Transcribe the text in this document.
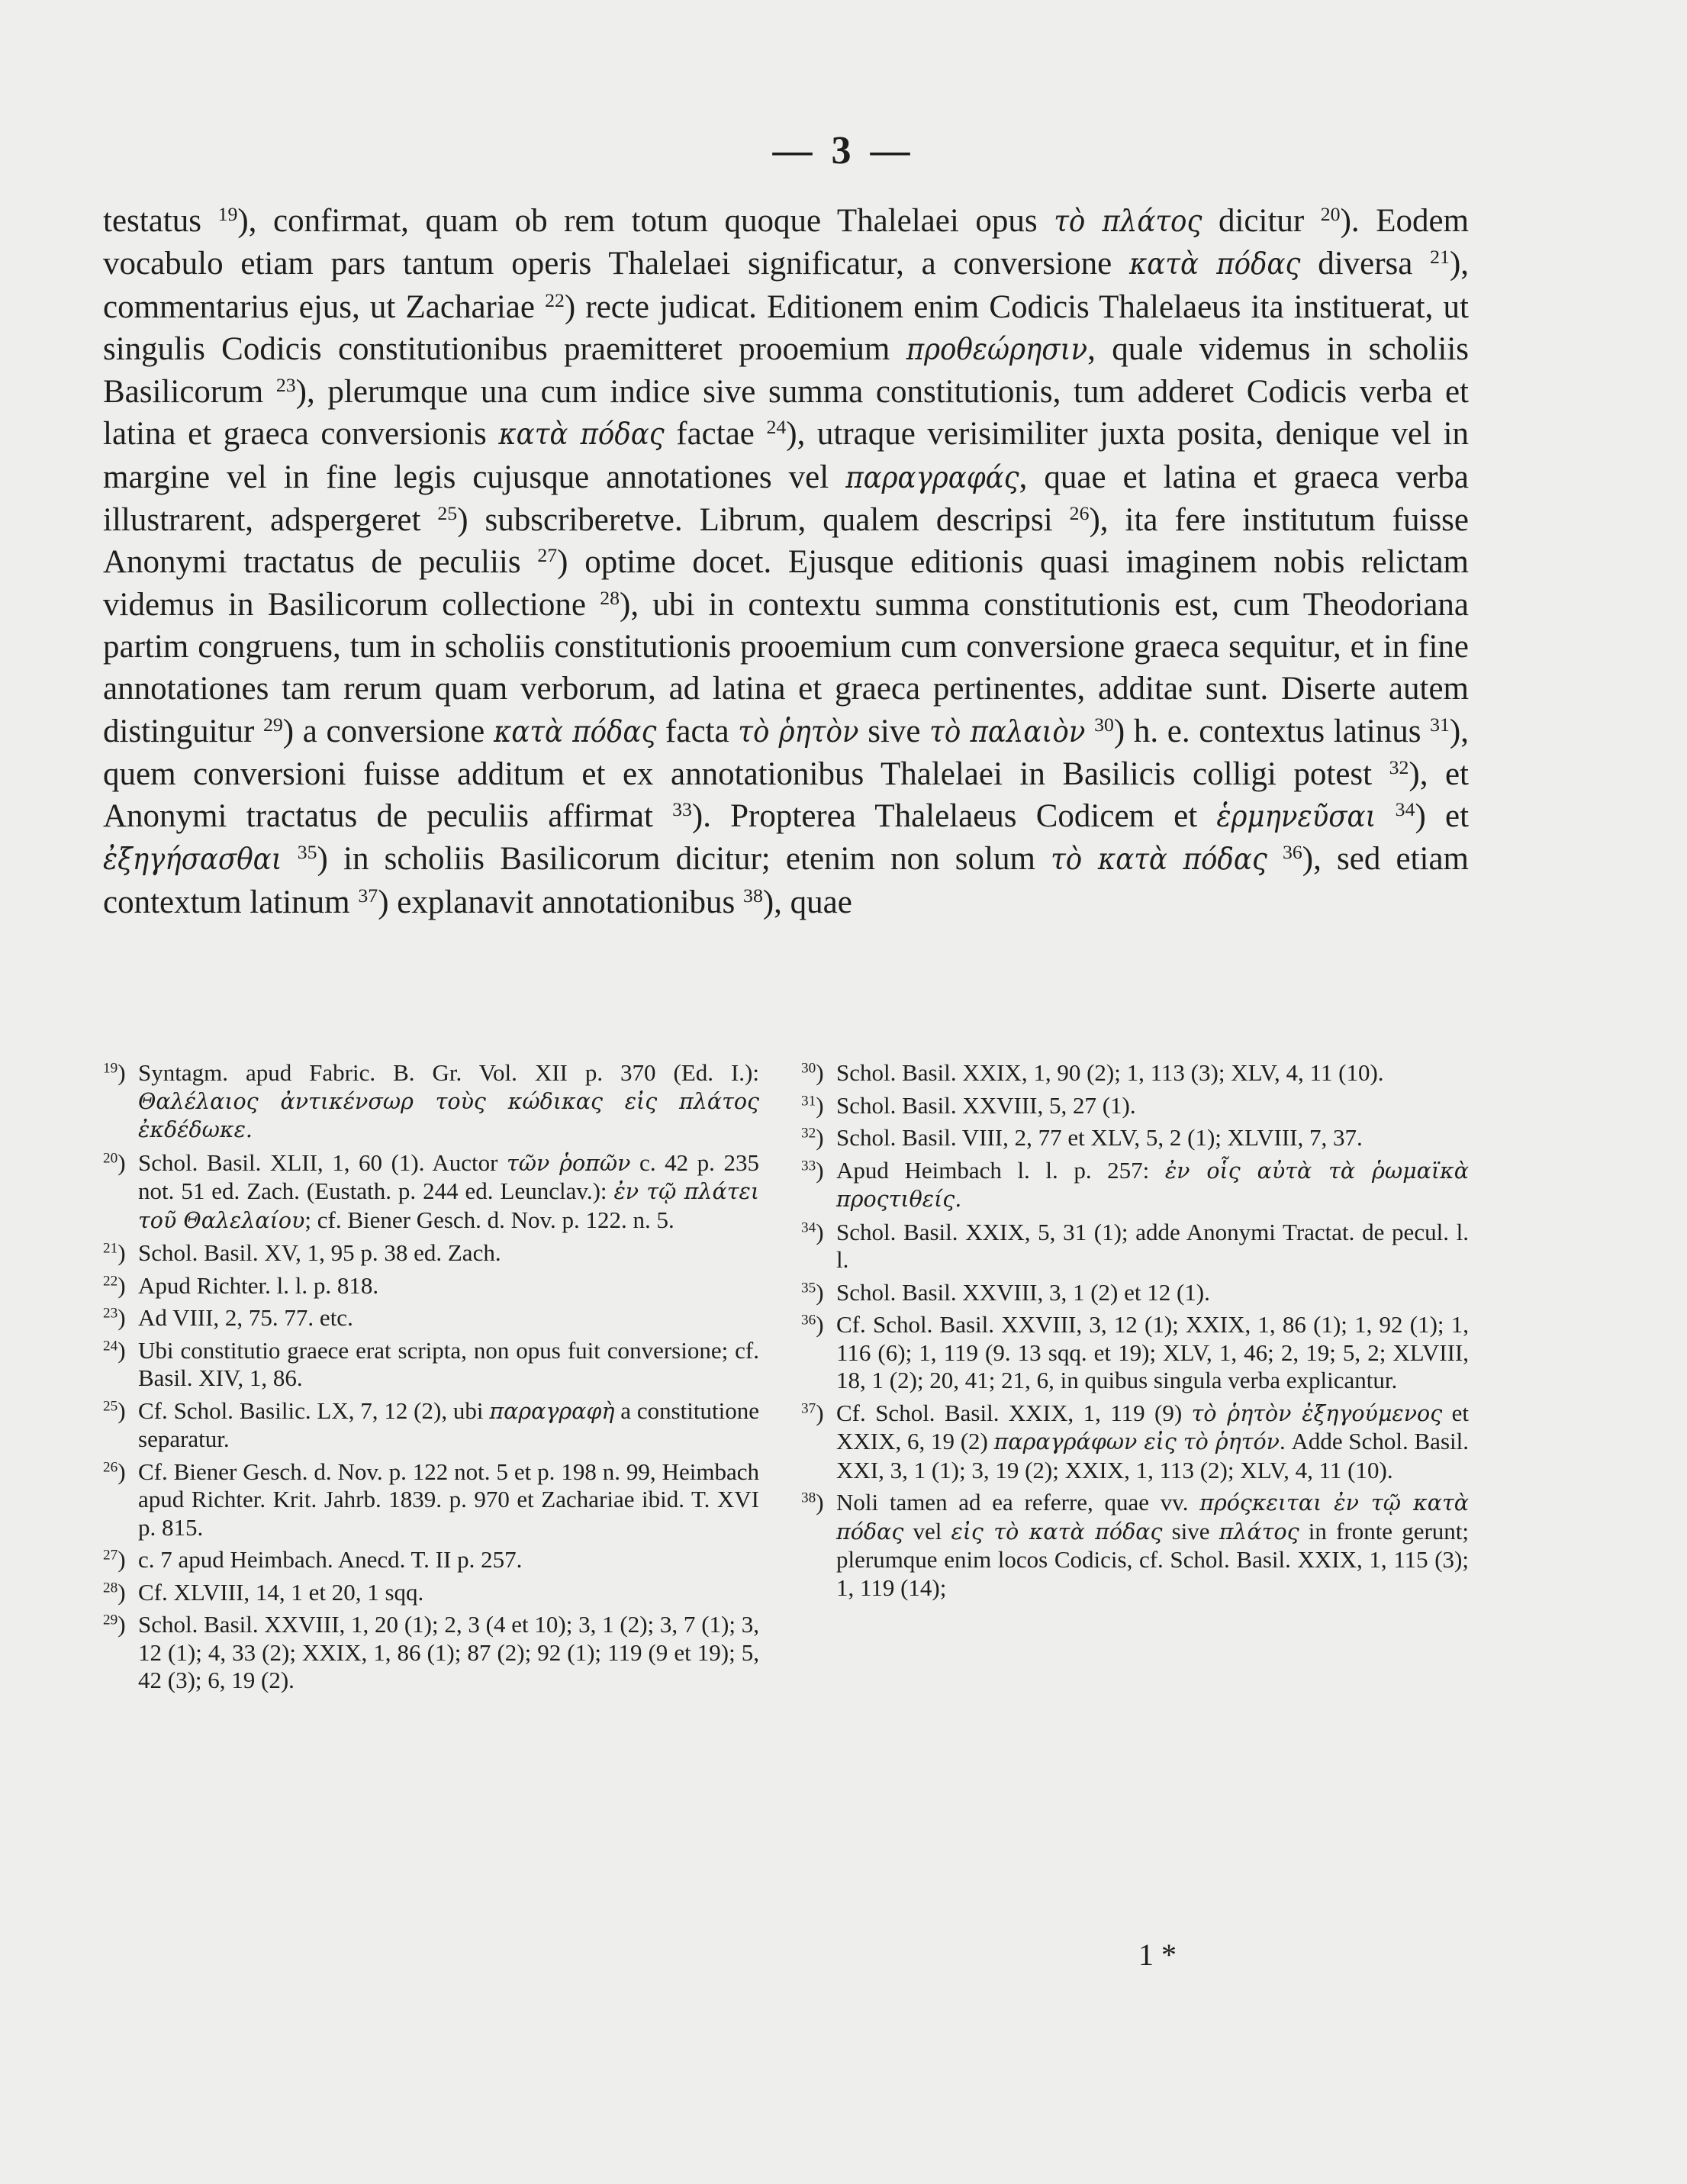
— 3 —

testatus $^{19}$), confirmat, quam ob rem totum quoque Thalelaei opus τὸ πλάτος dicitur $^{20}$). Eodem vocabulo etiam pars tantum operis Thalelaei significatur, a conversione κατὰ πόδας diversa $^{21}$), commentarius ejus, ut Zachariae $^{22}$) recte judicat. Editionem enim Codicis Thalelaeus ita instituerat, ut singulis Codicis constitutionibus praemitteret prooemium προθεώρησιν, quale videmus in scholiis Basilicorum $^{23}$), plerumque una cum indice sive summa constitutionis, tum adderet Codicis verba et latina et graeca conversionis κατὰ πόδας factae $^{24}$), utraque verisimiliter juxta posita, denique vel in margine vel in fine legis cujusque annotationes vel παραγραφάς, quae et latina et graeca verba illustrarent, adspergeret $^{25}$) subscriberetve. Librum, qualem descripsi $^{26}$), ita fere institutum fuisse Anonymi tractatus de peculiis $^{27}$) optime docet. Ejusque editionis quasi imaginem nobis relictam videmus in Basilicorum collectione $^{28}$), ubi in contextu summa constitutionis est, cum Theodoriana partim congruens, tum in scholiis constitutionis prooemium cum conversione graeca sequitur, et in fine annotationes tam rerum quam verborum, ad latina et graeca pertinentes, additae sunt. Diserte autem distinguitur $^{29}$) a conversione κατὰ πόδας facta τὸ ῥητὸν sive τὸ παλαιὸν $^{30}$) h. e. contextus latinus $^{31}$), quem conversioni fuisse additum et ex annotationibus Thalelaei in Basilicis colligi potest $^{32}$), et Anonymi tractatus de peculiis affirmat $^{33}$). Propterea Thalelaeus Codicem et ἑρμηνεῦσαι $^{34}$) et ἐξηγήσασθαι $^{35}$) in scholiis Basilicorum dicitur; etenim non solum τὸ κατὰ πόδας $^{36}$), sed etiam contextum latinum $^{37}$) explanavit annotationibus $^{38}$), quae

$^{19}$) Syntagm. apud Fabric. B. Gr. Vol. XII p. 370 (Ed. I.): Θαλέλαιος ἀντικένσωρ τοὺς κώδικας εἰς πλάτος ἐκδέδωκε.

$^{20}$) Schol. Basil. XLII, 1, 60 (1). Auctor τῶν ῥοπῶν c. 42 p. 235 not. 51 ed. Zach. (Eustath. p. 244 ed. Leunclav.): ἐν τῷ πλάτει τοῦ Θαλελαίου; cf. Biener Gesch. d. Nov. p. 122. n. 5.

$^{21}$) Schol. Basil. XV, 1, 95 p. 38 ed. Zach.

$^{22}$) Apud Richter. l. l. p. 818.

$^{23}$) Ad VIII, 2, 75. 77. etc.

$^{24}$) Ubi constitutio graece erat scripta, non opus fuit conversione; cf. Basil. XIV, 1, 86.

$^{25}$) Cf. Schol. Basilic. LX, 7, 12 (2), ubi παραγραφὴ a constitutione separatur.

$^{26}$) Cf. Biener Gesch. d. Nov. p. 122 not. 5 et p. 198 n. 99, Heimbach apud Richter. Krit. Jahrb. 1839. p. 970 et Zachariae ibid. T. XVI p. 815.

$^{27}$) c. 7 apud Heimbach. Anecd. T. II p. 257.

$^{28}$) Cf. XLVIII, 14, 1 et 20, 1 sqq.

$^{29}$) Schol. Basil. XXVIII, 1, 20 (1); 2, 3 (4 et 10); 3, 1 (2); 3, 7 (1); 3, 12 (1); 4, 33 (2); XXIX, 1, 86 (1); 87 (2); 92 (1); 119 (9 et 19); 5, 42 (3); 6, 19 (2).

$^{30}$) Schol. Basil. XXIX, 1, 90 (2); 1, 113 (3); XLV, 4, 11 (10).

$^{31}$) Schol. Basil. XXVIII, 5, 27 (1).

$^{32}$) Schol. Basil. VIII, 2, 77 et XLV, 5, 2 (1); XLVIII, 7, 37.

$^{33}$) Apud Heimbach l. l. p. 257: ἐν οἷς αὐτὰ τὰ ῥωμαϊκὰ προςτιθείς.

$^{34}$) Schol. Basil. XXIX, 5, 31 (1); adde Anonymi Tractat. de pecul. l. l.

$^{35}$) Schol. Basil. XXVIII, 3, 1 (2) et 12 (1).

$^{36}$) Cf. Schol. Basil. XXVIII, 3, 12 (1); XXIX, 1, 86 (1); 1, 92 (1); 1, 116 (6); 1, 119 (9. 13 sqq. et 19); XLV, 1, 46; 2, 19; 5, 2; XLVIII, 18, 1 (2); 20, 41; 21, 6, in quibus singula verba explicantur.

$^{37}$) Cf. Schol. Basil. XXIX, 1, 119 (9) τὸ ῥητὸν ἐξηγούμενος et XXIX, 6, 19 (2) παραγράφων εἰς τὸ ῥητόν. Adde Schol. Basil. XXI, 3, 1 (1); 3, 19 (2); XXIX, 1, 113 (2); XLV, 4, 11 (10).

$^{38}$) Noli tamen ad ea referre, quae vv. πρόςκειται ἐν τῷ κατὰ πόδας vel εἰς τὸ κατὰ πόδας sive πλάτος in fronte gerunt; plerumque enim locos Codicis, cf. Schol. Basil. XXIX, 1, 115 (3); 1, 119 (14);

1 *
